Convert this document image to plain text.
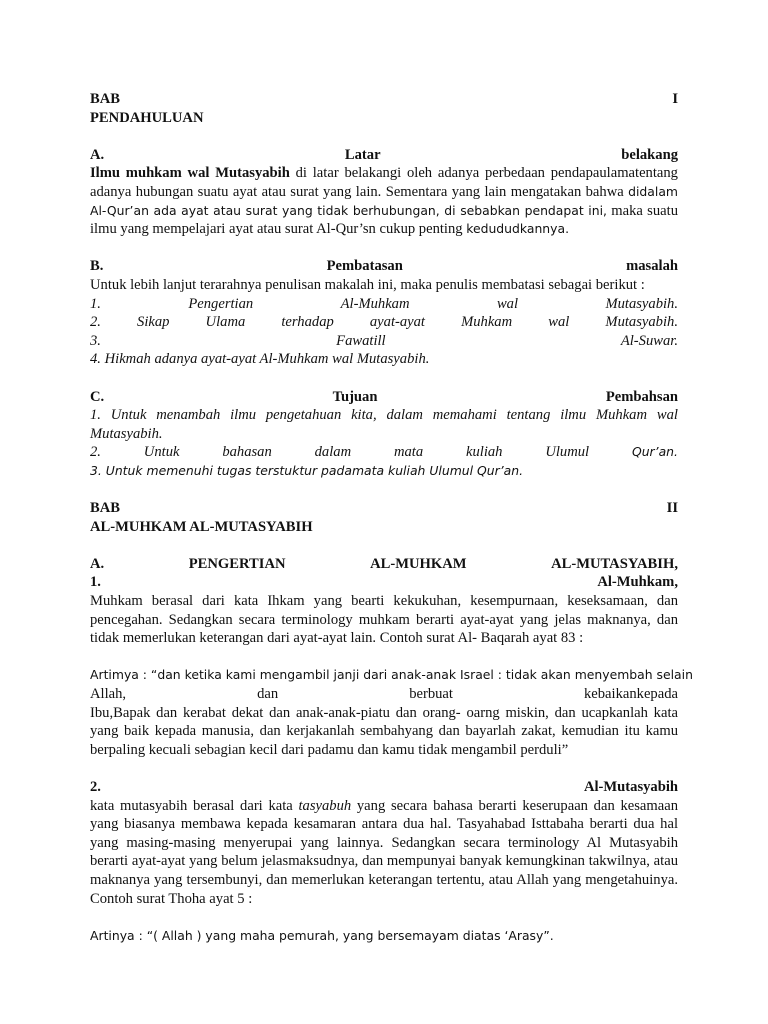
BAB	I
PENDAHULUAN
A.	Latar	belakang
Ilmu muhkam wal Mutasyabih di latar belakangi oleh adanya perbedaan pendapaulamatentang adanya hubungan suatu ayat atau surat yang lain. Sementara yang lain mengatakan bahwa didalam Al-Qur’an ada ayat atau surat yang tidak berhubungan, di sebabkan pendapat ini, maka suatu ilmu yang mempelajari ayat atau surat Al-Qur’sn cukup penting kedududkannya.
B.	Pembatasan	masalah
Untuk lebih lanjut terarahnya penulisan makalah ini, maka penulis membatasi sebagai berikut :
1.	Pengertian	Al-Muhkam	wal	Mutasyabih.
2. Sikap Ulama terhadap ayat-ayat Muhkam wal Mutasyabih.
3.	Fawatill	Al-Suwar.
4. Hikmah adanya ayat-ayat Al-Muhkam wal Mutasyabih.
C.	Tujuan	Pembahsan
1. Untuk menambah ilmu pengetahuan kita, dalam memahami tentang ilmu Muhkam wal
Mutasyabih.
2.	Untuk	bahasan	dalam	mata	kuliah	Ulumul	Qur’an.
3. Untuk memenuhi tugas terstuktur padamata kuliah Ulumul Qur’an.
BAB	II
AL-MUHKAM AL-MUTASYABIH
A.	PENGERTIAN	AL-MUHKAM	AL-MUTASYABIH,
1.	Al-Muhkam,
Muhkam berasal dari kata Ihkam yang bearti kekukuhan, kesempurnaan, keseksamaan, dan pencegahan. Sedangkan secara terminology muhkam berarti ayat-ayat yang jelas maknanya, dan tidak memerlukan keterangan dari ayat-ayat lain. Contoh surat Al- Baqarah ayat 83 :
Artimya : “dan ketika kami mengambil janji dari anak-anak Israel : tidak akan menyembah selain
Allah,	dan	berbuat	kebaikankepada
Ibu,Bapak dan kerabat dekat dan anak-anak-piatu dan orang- oarng miskin, dan ucapkanlah kata yang baik kepada manusia, dan kerjakanlah sembahyang dan bayarlah zakat, kemudian itu kamu berpaling kecuali sebagian kecil dari padamu dan kamu tidak mengambil perduli”
2.	Al-Mutasyabih
kata mutasyabih berasal dari kata tasyabuh yang secara bahasa berarti keserupaan dan kesamaan yang biasanya membawa kepada kesamaran antara dua hal. Tasyahabad Isttabaha berarti dua hal yang masing-masing menyerupai yang lainnya. Sedangkan secara terminology Al Mutasyabih berarti ayat-ayat yang belum jelasmaksudnya, dan mempunyai banyak kemungkinan takwilnya, atau maknanya yang tersembunyi, dan memerlukan keterangan tertentu, atau Allah yang mengetahuinya. Contoh surat Thoha ayat 5 :
Artinya : “( Allah ) yang maha pemurah, yang bersemayam diatas ‘Arasy”.
